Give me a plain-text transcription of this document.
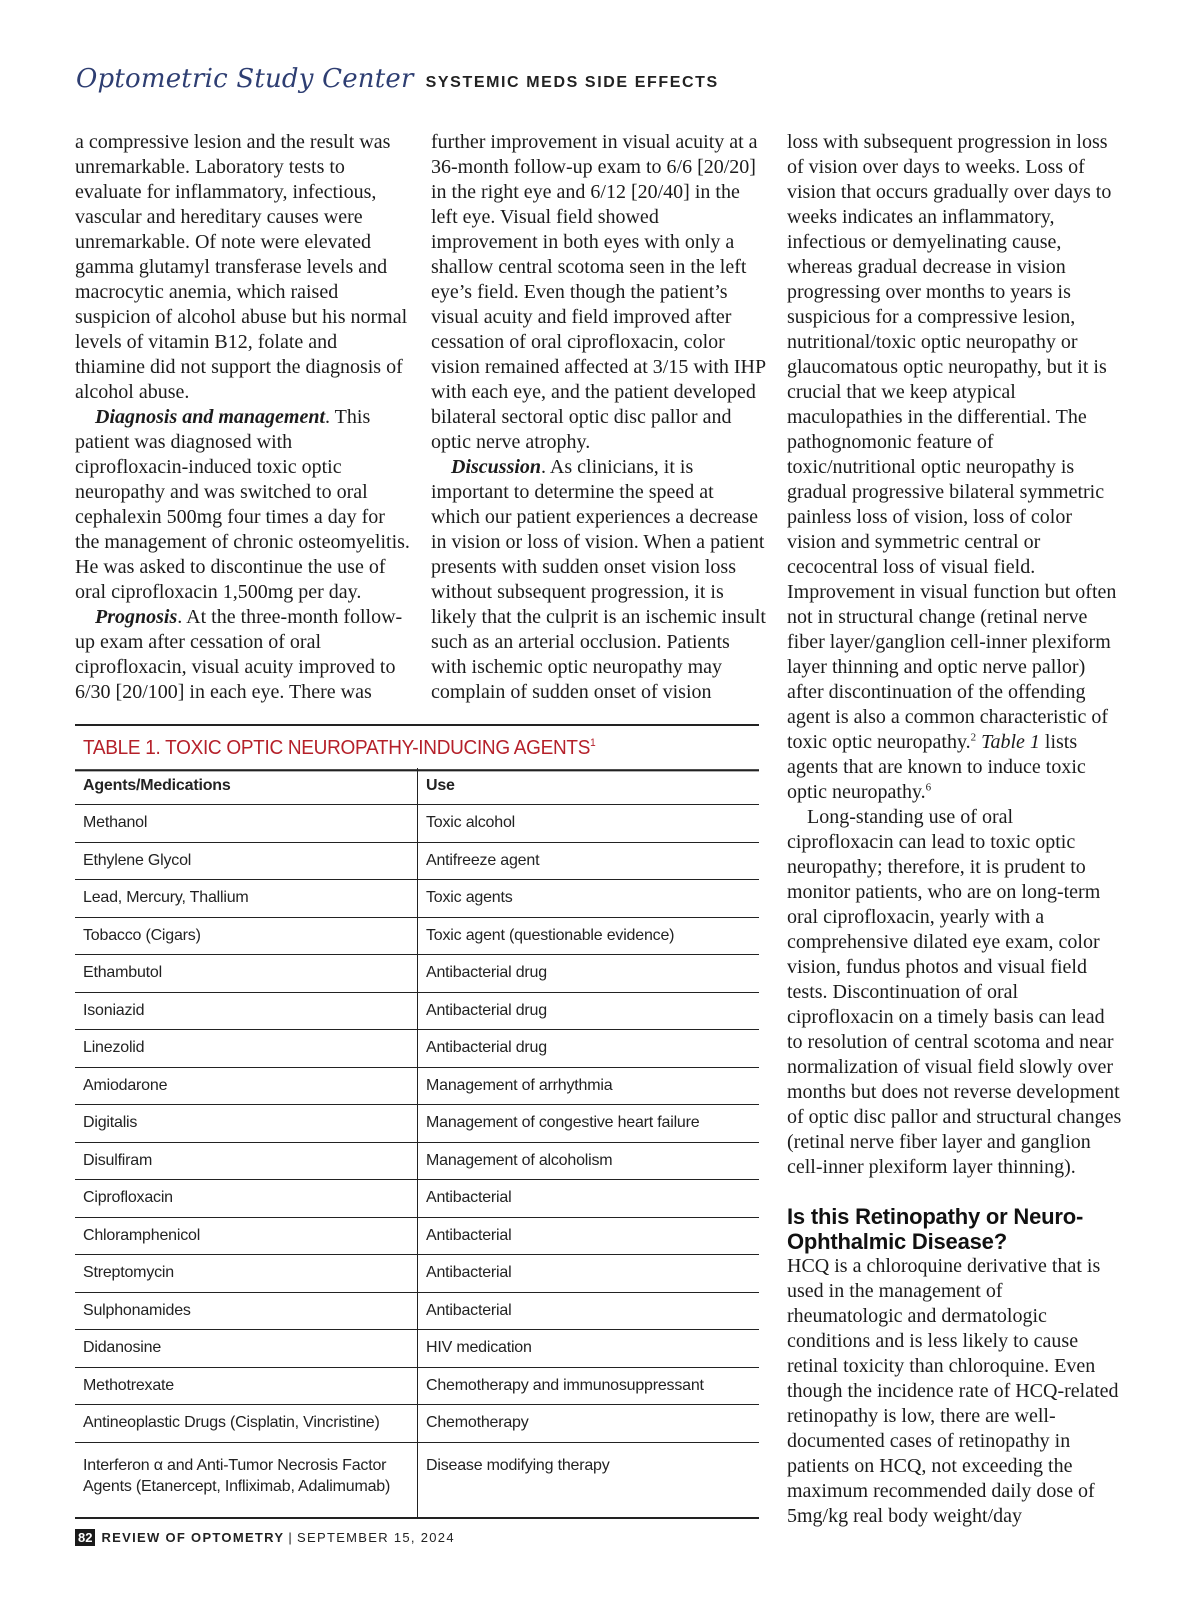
Optometric Study Center SYSTEMIC MEDS SIDE EFFECTS

a compressive lesion and the result was unremarkable. Laboratory tests to evaluate for inflammatory, infectious, vascular and hereditary causes were unremarkable. Of note were elevated gamma glutamyl transferase levels and macrocytic anemia, which raised suspicion of alcohol abuse but his normal levels of vitamin B12, folate and thiamine did not support the diagnosis of alcohol abuse.

Diagnosis and management. This patient was diagnosed with ciprofloxacin-induced toxic optic neuropathy and was switched to oral cephalexin 500mg four times a day for the management of chronic osteomyelitis. He was asked to discontinue the use of oral ciprofloxacin 1,500mg per day.

Prognosis. At the three-month follow-up exam after cessation of oral ciprofloxacin, visual acuity improved to 6/30 [20/100] in each eye. There was

further improvement in visual acuity at a 36-month follow-up exam to 6/6 [20/20] in the right eye and 6/12 [20/40] in the left eye. Visual field showed improvement in both eyes with only a shallow central scotoma seen in the left eye’s field. Even though the patient’s visual acuity and field improved after cessation of oral ciprofloxacin, color vision remained affected at 3/15 with IHP with each eye, and the patient developed bilateral sectoral optic disc pallor and optic nerve atrophy.

Discussion. As clinicians, it is important to determine the speed at which our patient experiences a decrease in vision or loss of vision. When a patient presents with sudden onset vision loss without subsequent progression, it is likely that the culprit is an ischemic insult such as an arterial occlusion. Patients with ischemic optic neuropathy may complain of sudden onset of vision

loss with subsequent progression in loss of vision over days to weeks. Loss of vision that occurs gradually over days to weeks indicates an inflammatory, infectious or demyelinating cause, whereas gradual decrease in vision progressing over months to years is suspicious for a compressive lesion, nutritional/toxic optic neuropathy or glaucomatous optic neuropathy, but it is crucial that we keep atypical maculopathies in the differential. The pathognomonic feature of toxic/nutritional optic neuropathy is gradual progressive bilateral symmetric painless loss of vision, loss of color vision and symmetric central or cecocentral loss of visual field. Improvement in visual function but often not in structural change (retinal nerve fiber layer/ganglion cell-inner plexiform layer thinning and optic nerve pallor) after discontinuation of the offending agent is also a common characteristic of toxic optic neuropathy.$^2$ Table 1 lists agents that are known to induce toxic optic neuropathy.$^6$

Long-standing use of oral ciprofloxacin can lead to toxic optic neuropathy; therefore, it is prudent to monitor patients, who are on long-term oral ciprofloxacin, yearly with a comprehensive dilated eye exam, color vision, fundus photos and visual field tests. Discontinuation of oral ciprofloxacin on a timely basis can lead to resolution of central scotoma and near normalization of visual field slowly over months but does not reverse development of optic disc pallor and structural changes (retinal nerve fiber layer and ganglion cell-inner plexiform layer thinning).

Is this Retinopathy or Neuro-Ophthalmic Disease?

HCQ is a chloroquine derivative that is used in the management of rheumatologic and dermatologic conditions and is less likely to cause retinal toxicity than chloroquine. Even though the incidence rate of HCQ-related retinopathy is low, there are well-documented cases of retinopathy in patients on HCQ, not exceeding the maximum recommended daily dose of 5mg/kg real body weight/day

TABLE 1. TOXIC OPTIC NEUROPATHY-INDUCING AGENTS$^1$
Agents/Medications	Use
Methanol	Toxic alcohol
Ethylene Glycol	Antifreeze agent
Lead, Mercury, Thallium	Toxic agents
Tobacco (Cigars)	Toxic agent (questionable evidence)
Ethambutol	Antibacterial drug
Isoniazid	Antibacterial drug
Linezolid	Antibacterial drug
Amiodarone	Management of arrhythmia
Digitalis	Management of congestive heart failure
Disulfiram	Management of alcoholism
Ciprofloxacin	Antibacterial
Chloramphenicol	Antibacterial
Streptomycin	Antibacterial
Sulphonamides	Antibacterial
Didanosine	HIV medication
Methotrexate	Chemotherapy and immunosuppressant
Antineoplastic Drugs (Cisplatin, Vincristine)	Chemotherapy
Interferon α and Anti-Tumor Necrosis Factor Agents (Etanercept, Infliximab, Adalimumab)	Disease modifying therapy
82 REVIEW OF OPTOMETRY | SEPTEMBER 15, 2024
